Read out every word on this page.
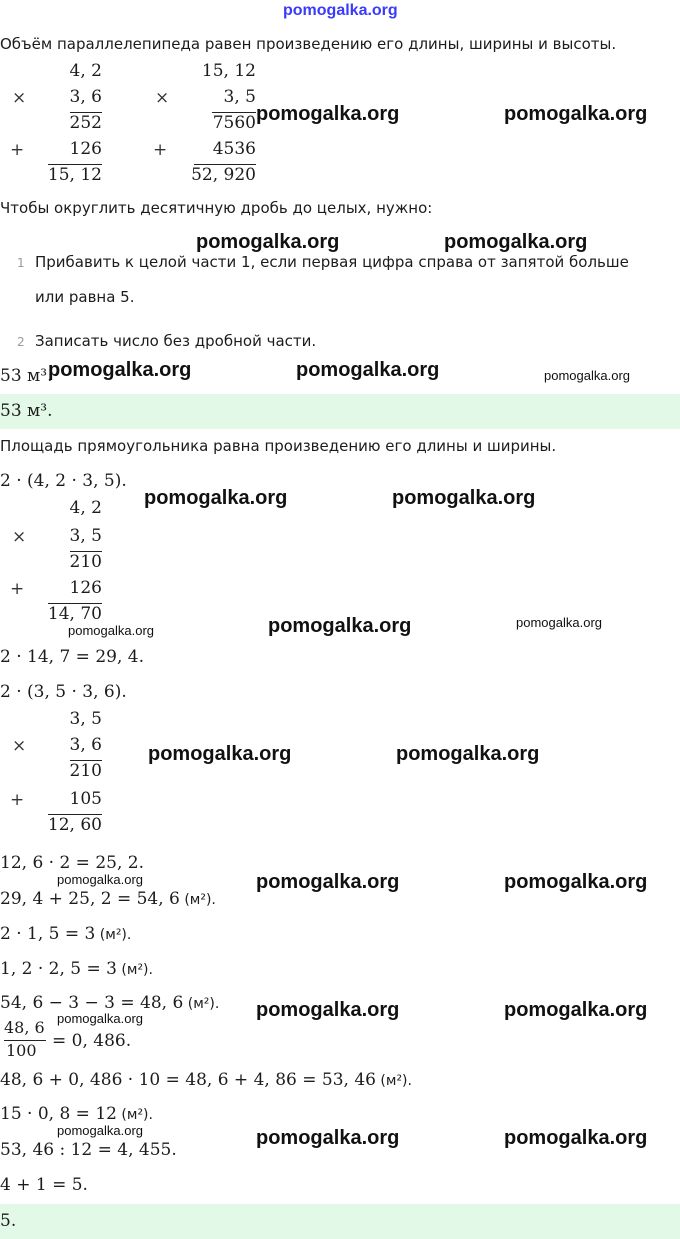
pomogalka.org
Объём параллелепипеда равен произведению его длины, ширины и высоты.
4, 2
×	3, 6
252
+	126
15, 12
15, 12
×	3, 5
7560
+	4536
52, 920
pomogalka.org	pomogalka.org
Чтобы округлить десятичную дробь до целых, нужно:
pomogalka.org	pomogalka.org
1 Прибавить к целой части 1, если первая цифра справа от запятой больше
или равна 5.
2 Записать число без дробной части.
53 м³.
pomogalka.org	pomogalka.org	pomogalka.org
53 м³.
Площадь прямоугольника равна произведению его длины и ширины.
2 · (4, 2 · 3, 5).
pomogalka.org	pomogalka.org
4, 2
×	3, 5
210
+	126
14, 70
pomogalka.org	pomogalka.org	pomogalka.org
2 · 14, 7 = 29, 4.
2 · (3, 5 · 3, 6).
3, 5
×	3, 6
210
+	105
12, 60
pomogalka.org	pomogalka.org
12, 6 · 2 = 25, 2.
pomogalka.org	pomogalka.org	pomogalka.org
29, 4 + 25, 2 = 54, 6 (м²).
2 · 1, 5 = 3 (м²).
1, 2 · 2, 5 = 3 (м²).
54, 6 − 3 − 3 = 48, 6 (м²). pomogalka.org	pomogalka.org
48, 6
100 = 0, 486.
pomogalka.org
48, 6 + 0, 486 · 10 = 48, 6 + 4, 86 = 53, 46 (м²).
15 · 0, 8 = 12 (м²).
pomogalka.org	pomogalka.org	pomogalka.org
53, 46 : 12 = 4, 455.
4 + 1 = 5.
5.
